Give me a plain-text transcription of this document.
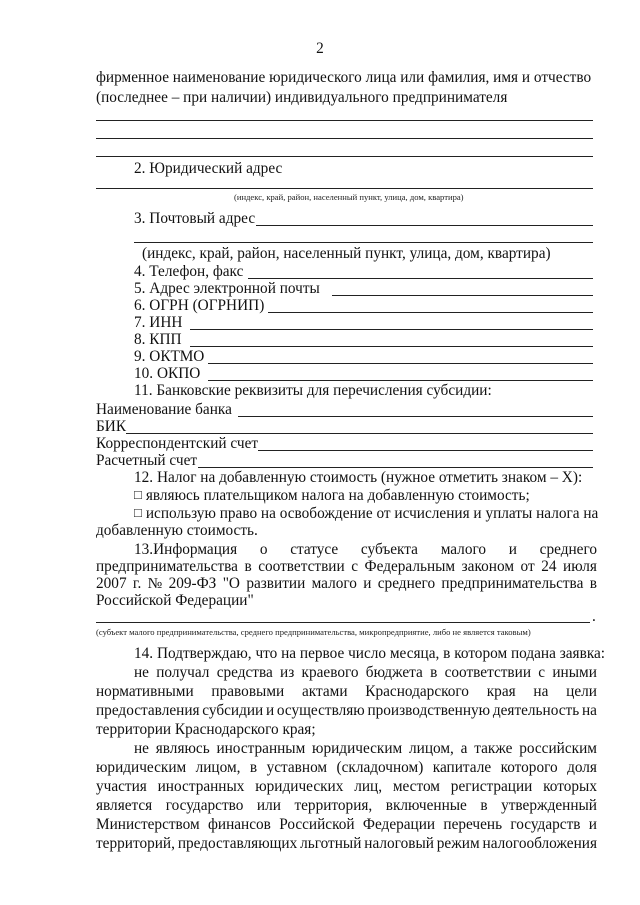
2
фирменное наименование юридического лица или фамилия, имя и отчество
(последнее – при наличии) индивидуального предпринимателя
2. Юридический адрес
(индекс, край, район, населенный пункт, улица, дом, квартира)
3. Почтовый адрес
(индекс, край, район, населенный пункт, улица, дом, квартира)
4. Телефон, факс
5. Адрес электронной почты
6. ОГРН (ОГРНИП)
7. ИНН
8. КПП
9. ОКТМО
10. ОКПО
11. Банковские реквизиты для перечисления субсидии:
Наименование банка
БИК
Корреспондентский счет
Расчетный счет
12. Налог на добавленную стоимость (нужное отметить знаком – X):
□ являюсь плательщиком налога на добавленную стоимость;
□ использую право на освобождение от исчисления и уплаты налога на
добавленную стоимость.
13.Информация о статусе субъекта малого и среднего
предпринимательства в соответствии с Федеральным законом от 24 июля
2007 г. № 209-ФЗ "О развитии малого и среднего предпринимательства в
Российской Федерации"
.
(субъект малого предпринимательства, среднего предпринимательства, микропредприятие, либо не является таковым)
14. Подтверждаю, что на первое число месяца, в котором подана заявка:
не получал средства из краевого бюджета в соответствии с иными
нормативными правовыми актами Краснодарского края на цели
предоставления субсидии и осуществляю производственную деятельность на
территории Краснодарского края;
не являюсь иностранным юридическим лицом, а также российским
юридическим лицом, в уставном (складочном) капитале которого доля
участия иностранных юридических лиц, местом регистрации которых
является государство или территория, включенные в утвержденный
Министерством финансов Российской Федерации перечень государств и
территорий, предоставляющих льготный налоговый режим налогообложения
